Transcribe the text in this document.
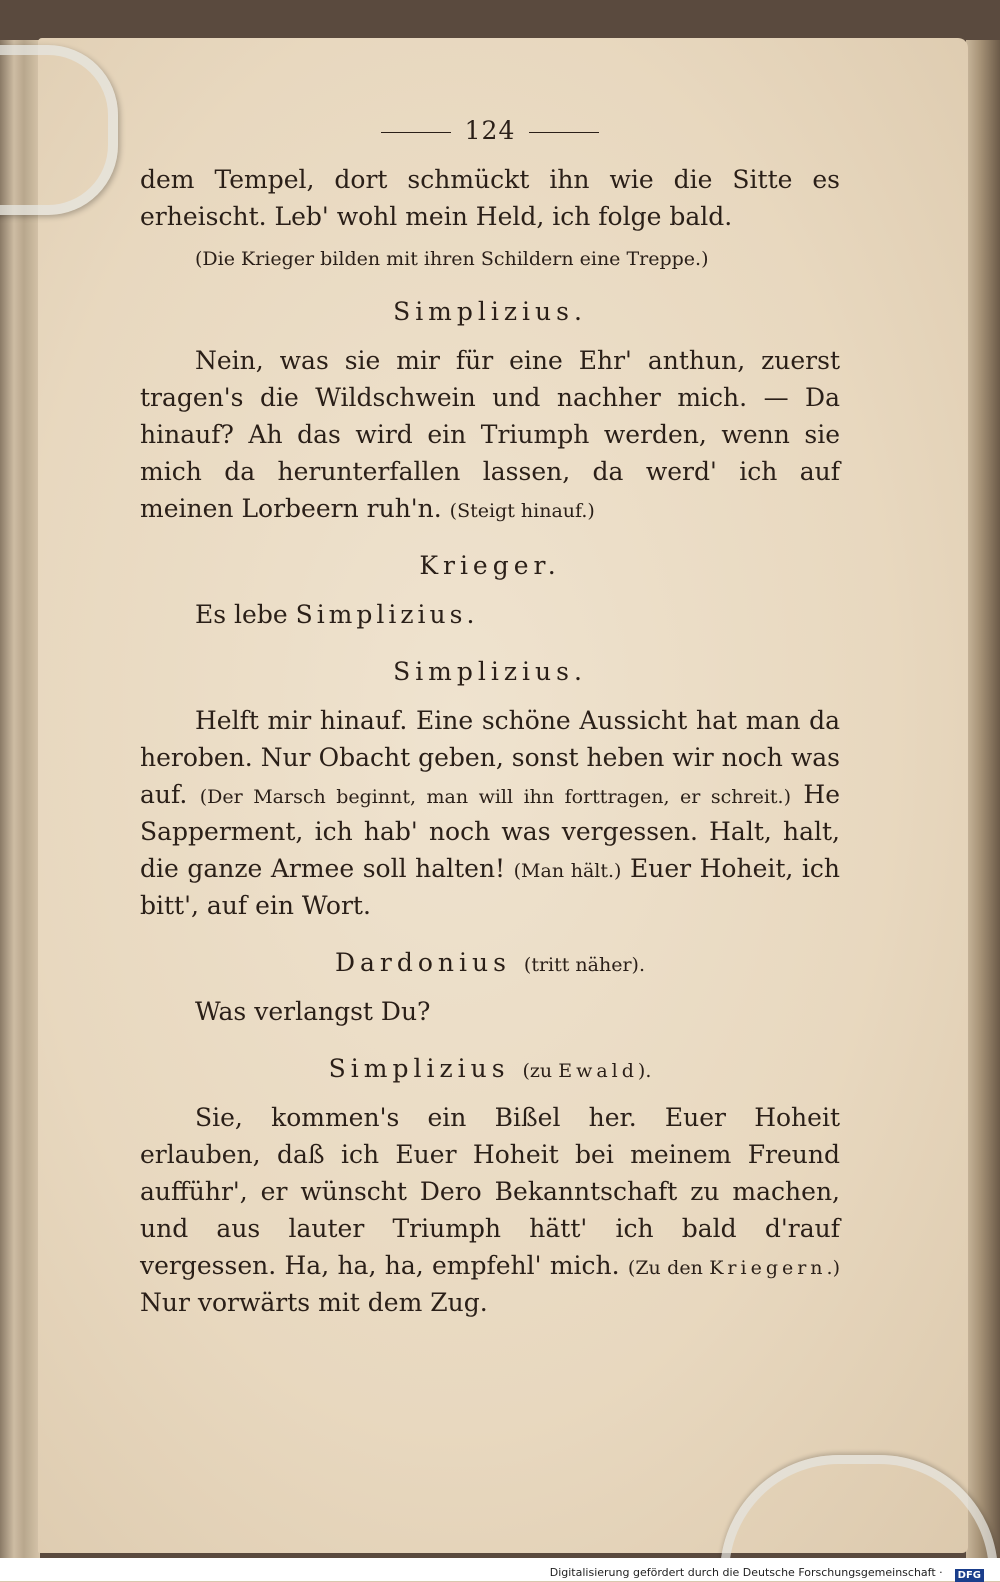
124

dem Tempel, dort schmückt ihn wie die Sitte es erheischt. Leb' wohl mein Held, ich folge bald.

(Die Krieger bilden mit ihren Schildern eine Treppe.)

Simplizius.

Nein, was sie mir für eine Ehr' anthun, zuerst tragen's die Wildschwein und nachher mich. — Da hinauf? Ah das wird ein Triumph werden, wenn sie mich da herunterfallen lassen, da werd' ich auf meinen Lorbeern ruh'n. (Steigt hinauf.)

Krieger.

Es lebe Simplizius.

Simplizius.

Helft mir hinauf. Eine schöne Aussicht hat man da heroben. Nur Obacht geben, sonst heben wir noch was auf. (Der Marsch beginnt, man will ihn forttragen, er schreit.) He Sapperment, ich hab' noch was vergessen. Halt, halt, die ganze Armee soll halten! (Man hält.) Euer Hoheit, ich bitt', auf ein Wort.

Dardonius (tritt näher).

Was verlangst Du?

Simplizius (zu Ewald).

Sie, kommen's ein Bißel her. Euer Hoheit erlauben, daß ich Euer Hoheit bei meinem Freund aufführ', er wünscht Dero Bekanntschaft zu machen, und aus lauter Triumph hätt' ich bald d'rauf vergessen. Ha, ha, ha, empfehl' mich. (Zu den Kriegern.) Nur vorwärts mit dem Zug.

Digitalisierung gefördert durch die Deutsche Forschungsgemeinschaft · DFG
